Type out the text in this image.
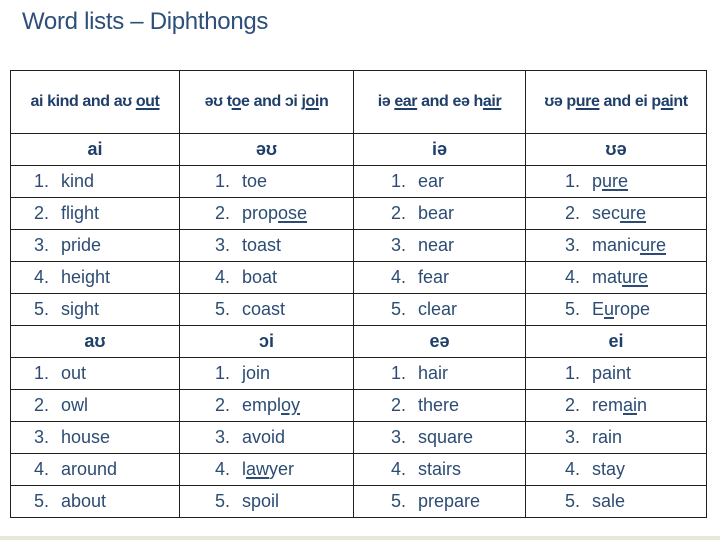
Word lists – Diphthongs
ai kind and aʊ out	əʊ toe and ɔi join	iə ear and eə hair	ʊə pure and ei paint
ai	əʊ	iə	ʊə
1. kind	1. toe	1. ear	1. pure
2. flight	2. propose	2. bear	2. secure
3. pride	3. toast	3. near	3. manicure
4. height	4. boat	4. fear	4. mature
5. sight	5. coast	5. clear	5. Europe
aʊ	ɔi	eə	ei
1. out	1. join	1. hair	1. paint
2. owl	2. employ	2. there	2. remain
3. house	3. avoid	3. square	3. rain
4. around	4. lawyer	4. stairs	4. stay
5. about	5. spoil	5. prepare	5. sale
